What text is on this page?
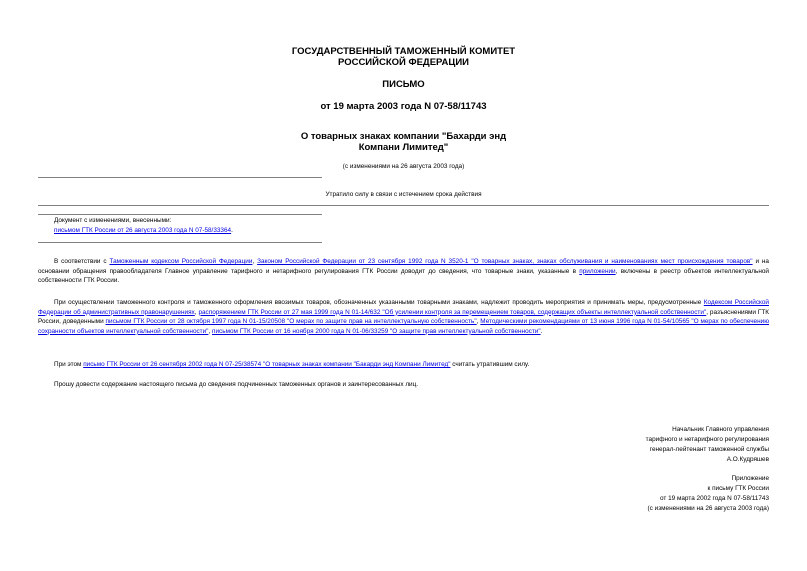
ГОСУДАРСТВЕННЫЙ ТАМОЖЕННЫЙ КОМИТЕТ
РОССИЙСКОЙ ФЕДЕРАЦИИ
ПИСЬМО
от 19 марта 2003 года N 07-58/11743
О товарных знаках компании "Бахарди энд
Компани Лимитед"
(с изменениями на 26 августа 2003 года)
Утратило силу в связи с истечением срока действия
Документ с изменениями, внесенными:
письмом ГТК России от 26 августа 2003 года N 07-58/33364.
В соответствии с Таможенным кодексом Российской Федерации, Законом Российской Федерации от 23 сентября 1992 года N 3520-1 "О товарных знаках, знаках обслуживания и наименованиях мест происхождения товаров" и на основании обращения правообладателя Главное управление тарифного и нетарифного регулирования ГТК России доводит до сведения, что товарные знаки, указанные в приложении, включены в реестр объектов интеллектуальной собственности ГТК России.
При осуществлении таможенного контроля и таможенного оформления ввозимых товаров, обозначенных указанными товарными знаками, надлежит проводить мероприятия и принимать меры, предусмотренные Кодексом Российской Федерации об административных правонарушениях, распоряжением ГТК России от 27 мая 1999 года N 01-14/632 "Об усилении контроля за перемещением товаров, содержащих объекты интеллектуальной собственности", разъяснениями ГТК России, доведенными письмом ГТК России от 28 октября 1997 года N 01-15/20508 "О мерах по защите прав на интеллектуальную собственность", Методическими рекомендациями от 13 июня 1996 года N 01-54/10565 "О мерах по обеспечению сохранности объектов интеллектуальной собственности", письмом ГТК России от 16 ноября 2000 года N 01-06/33259 "О защите прав интеллектуальной собственности".
При этом письмо ГТК России от 26 сентября 2002 года N 07-25/38574 "О товарных знаках компании "Бакарди энд Компани Лимитед" считать утратившим силу.
Прошу довести содержание настоящего письма до сведения подчиненных таможенных органов и заинтересованных лиц.
Начальник Главного управления
тарифного и нетарифного регулирования
генерал-лейтенант таможенной службы
А.О.Кудряшев
Приложение
к письму ГТК России
от 19 марта 2002 года N 07-58/11743
(с изменениями на 26 августа 2003 года)
